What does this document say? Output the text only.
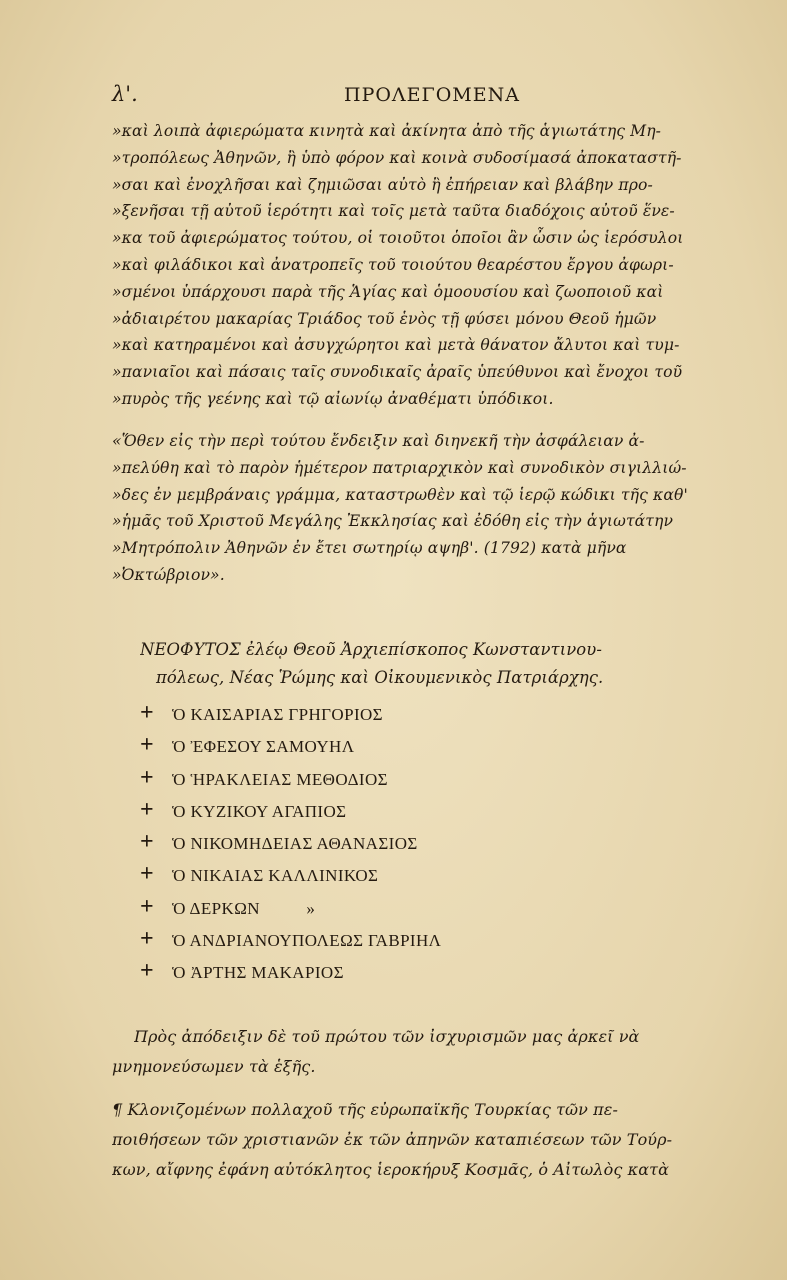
λ'.	ΠΡΟΛΕΓΟΜΕΝΑ
»καὶ λοιπὰ ἀφιερώματα κινητὰ καὶ ἀκίνητα ἀπὸ τῆς ἁγιωτάτης Μη-
»τροπόλεως Ἀθηνῶν, ἢ ὑπὸ φόρον καὶ κοινὰ συδοσίμασά ἀποκαταστῆ-
»σαι καὶ ἐνοχλῆσαι καὶ ζημιῶσαι αὐτὸ ἢ ἐπήρειαν καὶ βλάβην προ-
»ξενῆσαι τῇ αὐτοῦ ἱερότητι καὶ τοῖς μετὰ ταῦτα διαδόχοις αὐτοῦ ἕνε-
»κα τοῦ ἀφιερώματος τούτου, οἱ τοιοῦτοι ὁποῖοι ἂν ὦσιν ὡς ἱερόσυλοι
»καὶ φιλάδικοι καὶ ἀνατροπεῖς τοῦ τοιούτου θεαρέστου ἔργου ἀφωρι-
»σμένοι ὑπάρχουσι παρὰ τῆς Ἁγίας καὶ ὁμοουσίου καὶ ζωοποιοῦ καὶ
»ἀδιαιρέτου μακαρίας Τριάδος τοῦ ἑνὸς τῇ φύσει μόνου Θεοῦ ἡμῶν
»καὶ κατηραμένοι καὶ ἀσυγχώρητοι καὶ μετὰ θάνατον ἄλυτοι καὶ τυμ-
»πανιαῖοι καὶ πάσαις ταῖς συνοδικαῖς ἀραῖς ὑπεύθυνοι καὶ ἔνοχοι τοῦ
»πυρὸς τῆς γεένης καὶ τῷ αἰωνίῳ ἀναθέματι ὑπόδικοι.
«Ὅθεν εἰς τὴν περὶ τούτου ἔνδειξιν καὶ διηνεκῆ τὴν ἀσφάλειαν ἀ-
»πελύθη καὶ τὸ παρὸν ἡμέτερον πατριαρχικὸν καὶ συνοδικὸν σιγιλλιώ-
»δες ἐν μεμβράναις γράμμα, καταστρωθὲν καὶ τῷ ἱερῷ κώδικι τῆς καθ'
»ἡμᾶς τοῦ Χριστοῦ Μεγάλης Ἐκκλησίας καὶ ἐδόθη εἰς τὴν ἁγιωτάτην
»Μητρόπολιν Ἀθηνῶν ἐν ἔτει σωτηρίῳ αψηβ'. (1792) κατὰ μῆνα
»Ὀκτώβριον».
ΝΕΟΦΥΤΟΣ ἐλέῳ Θεοῦ Ἀρχιεπίσκοπος Κωνσταντινου-
πόλεως, Νέας Ῥώμης καὶ Οἰκουμενικὸς Πατριάρχης.
+ Ὁ ΚΑΙΣΑΡΙΑΣ ΓΡΗΓΟΡΙΟΣ
+ Ὁ ἘΦΕΣΟΥ ΣΑΜΟΥΗΛ
+ Ὁ ἩΡΑΚΛΕΙΑΣ ΜΕΘΟΔΙΟΣ
+ Ὁ ΚΥΖΙΚΟΥ ΑΓΑΠΙΟΣ
+ Ὁ ΝΙΚΟΜΗΔΕΙΑΣ ΑΘΑΝΑΣΙΟΣ
+ Ὁ ΝΙΚΑΙΑΣ ΚΑΛΛΙΝΙΚΟΣ
+ Ὁ ΔΕΡΚΩΝ          »
+ Ὁ ΑΝΔΡΙΑΝΟΥΠΟΛΕΩΣ ΓΑΒΡΙΗΛ
+ Ὁ ἈΡΤΗΣ ΜΑΚΑΡΙΟΣ
Πρὸς ἀπόδειξιν δὲ τοῦ πρώτου τῶν ἰσχυρισμῶν μας ἀρκεῖ νὰ
μνημονεύσωμεν τὰ ἑξῆς.
¶ Κλονιζομένων πολλαχοῦ τῆς εὐρωπαϊκῆς Τουρκίας τῶν πε-
ποιθήσεων τῶν χριστιανῶν ἐκ τῶν ἀπηνῶν καταπιέσεων τῶν Τούρ-
κων, αἴφνης ἐφάνη αὐτόκλητος ἱεροκήρυξ Κοσμᾶς, ὁ Αἰτωλὸς κατὰ
